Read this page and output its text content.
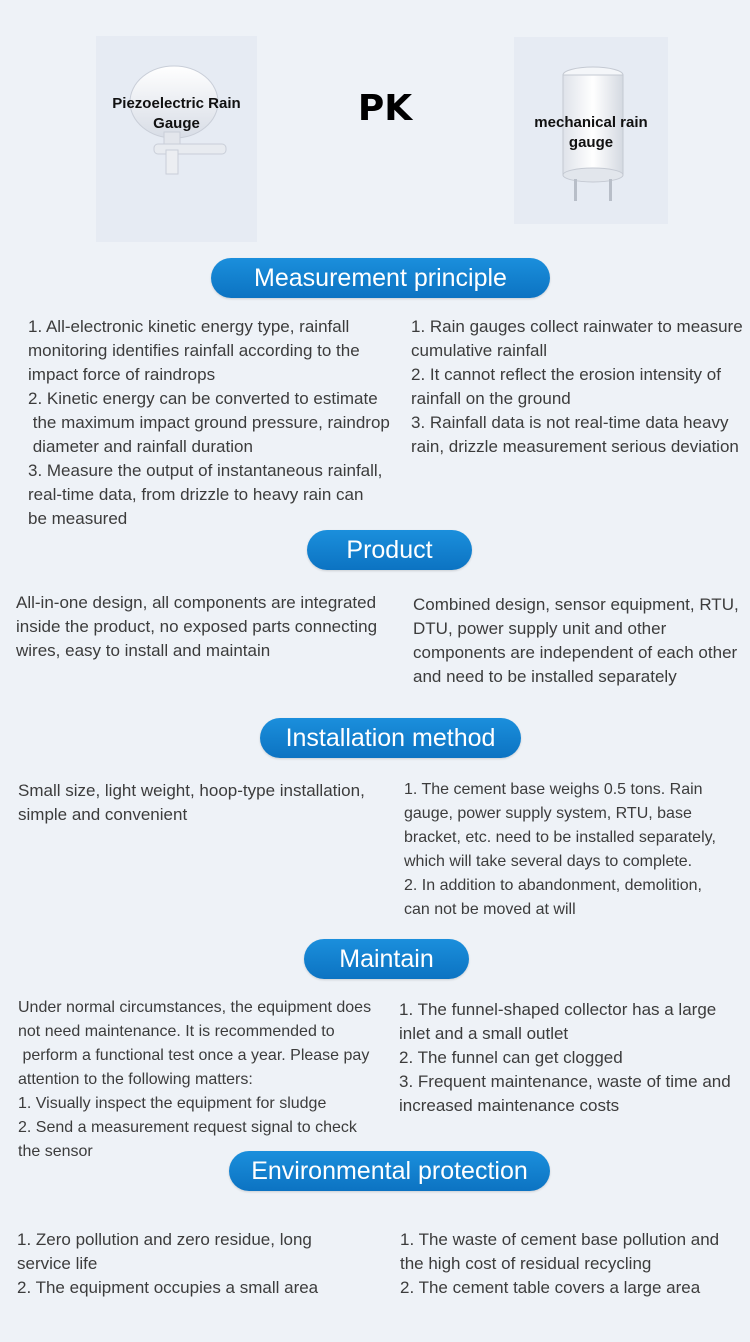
Piezoelectric Rain
Gauge	PK	mechanical rain
gauge
Measurement principle
1. All-electronic kinetic energy type, rainfall
monitoring identifies rainfall according to the
impact force of raindrops
2. Kinetic energy can be converted to estimate
the maximum impact ground pressure, raindrop
diameter and rainfall duration
3. Measure the output of instantaneous rainfall,
real-time data, from drizzle to heavy rain can
be measured
1. Rain gauges collect rainwater to measure
cumulative rainfall
2. It cannot reflect the erosion intensity of
rainfall on the ground
3. Rainfall data is not real-time data heavy
rain, drizzle measurement serious deviation
Product
All-in-one design, all components are integrated
inside the product, no exposed parts connecting
wires, easy to install and maintain
Combined design, sensor equipment, RTU,
DTU, power supply unit and other
components are independent of each other
and need to be installed separately
Installation method
Small size, light weight, hoop-type installation,
simple and convenient
1. The cement base weighs 0.5 tons. Rain
gauge, power supply system, RTU, base
bracket, etc. need to be installed separately,
which will take several days to complete.
2. In addition to abandonment, demolition,
can not be moved at will
Maintain
Under normal circumstances, the equipment does
not need maintenance. It is recommended to
perform a functional test once a year. Please pay
attention to the following matters:
1. Visually inspect the equipment for sludge
2. Send a measurement request signal to check
the sensor
1. The funnel-shaped collector has a large
inlet and a small outlet
2. The funnel can get clogged
3. Frequent maintenance, waste of time and
increased maintenance costs
Environmental protection
1. Zero pollution and zero residue, long
service life
2. The equipment occupies a small area
1. The waste of cement base pollution and
the high cost of residual recycling
2. The cement table covers a large area
